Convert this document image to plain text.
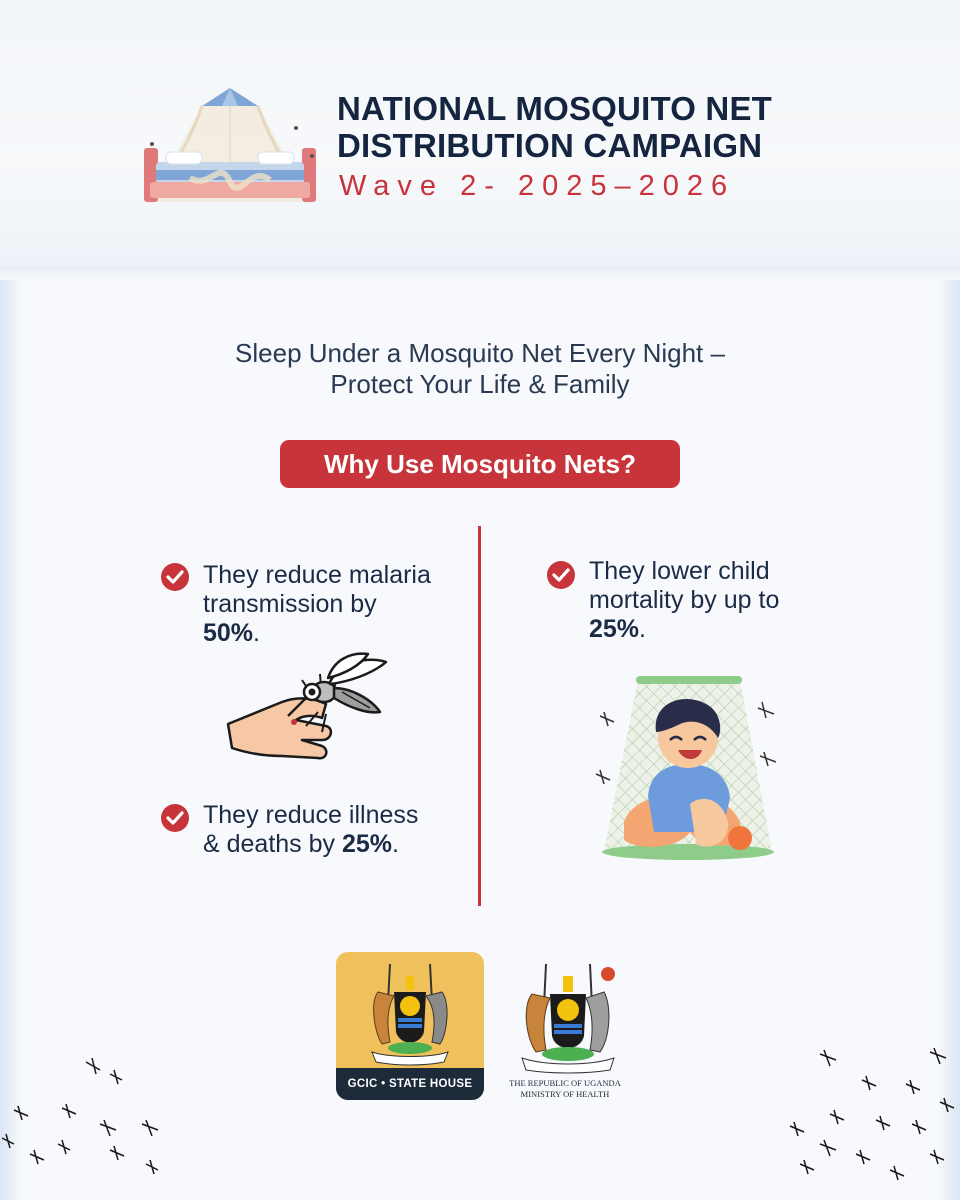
NATIONAL MOSQUITO NET
DISTRIBUTION CAMPAIGN
Wave 2- 2025–2026
Sleep Under a Mosquito Net Every Night –
Protect Your Life & Family
Why Use Mosquito Nets?
They reduce malaria transmission by 50%.
They reduce illness & deaths by 25%.
They lower child mortality by up to 25%.
GCIC • STATE HOUSE	THE REPUBLIC OF UGANDA
MINISTRY OF HEALTH
